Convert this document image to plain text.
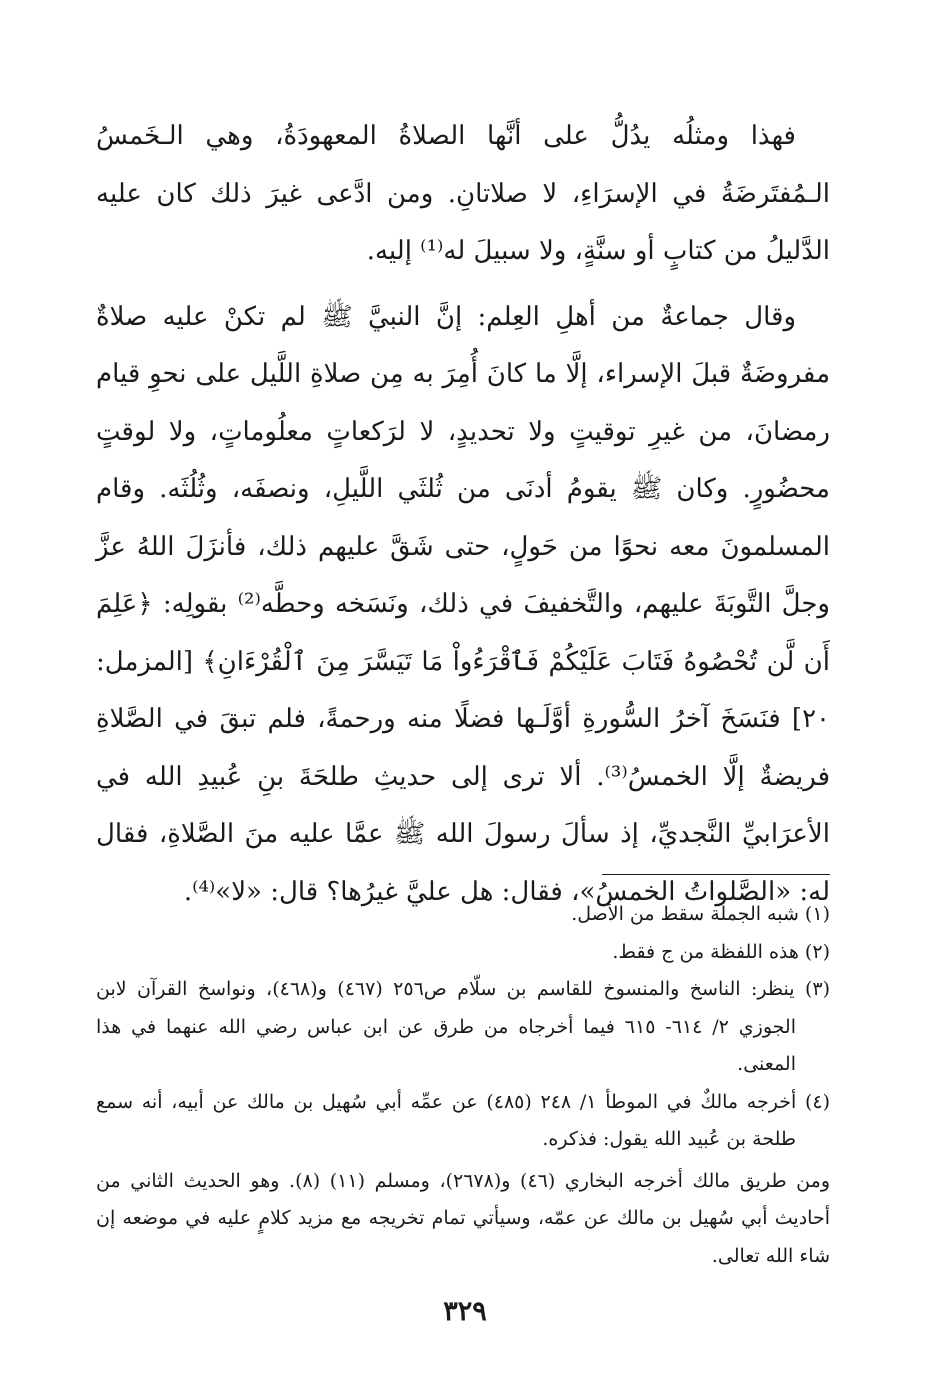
فهذا ومثلُه يدُلُّ على أنَّها الصلاةُ المعهودَةُ، وهي الـخَمسُ الـمُفتَرضَةُ في الإسرَاءِ، لا صلاتانِ. ومن ادَّعى غيرَ ذلك كان عليه الدَّليلُ من كتابٍ أو سنَّةٍ، ولا سبيلَ له⁽¹⁾ إليه.

وقال جماعةٌ من أهلِ العِلم: إنَّ النبيَّ ﷺ لم تكنْ عليه صلاةٌ مفروضَةٌ قبلَ الإسراء، إلَّا ما كانَ أُمِرَ به مِن صلاةِ اللَّيل على نحوِ قيام رمضانَ، من غيرِ توقيتٍ ولا تحديدٍ، لا لرَكعاتٍ معلُوماتٍ، ولا لوقتٍ محضُورٍ. وكان ﷺ يقومُ أدنَى من ثُلثَي اللَّيلِ، ونصفَه، وثُلُثَه. وقام المسلمونَ معه نحوًا من حَولٍ، حتى شَقَّ عليهم ذلك، فأنزَلَ اللهُ عزَّ وجلَّ التَّوبَةَ عليهم، والتَّخفيفَ في ذلك، ونَسَخه وحطَّه⁽²⁾ بقولِه: ﴿عَلِمَ أَن لَّن تُحْصُوهُ فَتَابَ عَلَيْكُمْ فَٱقْرَءُواْ مَا تَيَسَّرَ مِنَ ٱلْقُرْءَانِ﴾ [المزمل: ٢٠] فنَسَخَ آخرُ السُّورةِ أوَّلَـها فضلًا منه ورحمةً، فلم تبقَ في الصَّلاةِ فريضةٌ إلَّا الخمسُ⁽³⁾. ألا ترى إلى حديثِ طلحَةَ بنِ عُبيدِ الله في الأعرَابيِّ النَّجديِّ، إذ سألَ رسولَ الله ﷺ عمَّا عليه منَ الصَّلاةِ، فقال له: «الصَّلواتُ الخمسُ»، فقال: هل عليَّ غيرُها؟ قال: «لا»⁽⁴⁾.

(١) شبه الجملة سقط من الأصل.

(٢) هذه اللفظة من ج فقط.

(٣) ينظر: الناسخ والمنسوخ للقاسم بن سلّام ص٢٥٦ (٤٦٧) و(٤٦٨)، ونواسخ القرآن لابن الجوزي ٢/ ٦١٤- ٦١٥ فيما أخرجاه من طرق عن ابن عباس رضي الله عنهما في هذا المعنى.

(٤) أخرجه مالكٌ في الموطأ ١/ ٢٤٨ (٤٨٥) عن عمِّه أبي سُهيل بن مالك عن أبيه، أنه سمع طلحة بن عُبيد الله يقول: فذكره.

ومن طريق مالك أخرجه البخاري (٤٦) و(٢٦٧٨)، ومسلم (١١) (٨). وهو الحديث الثاني من أحاديث أبي سُهيل بن مالك عن عمّه، وسيأتي تمام تخريجه مع مزيد كلامٍ عليه في موضعه إن شاء الله تعالى.

٣٢٩
